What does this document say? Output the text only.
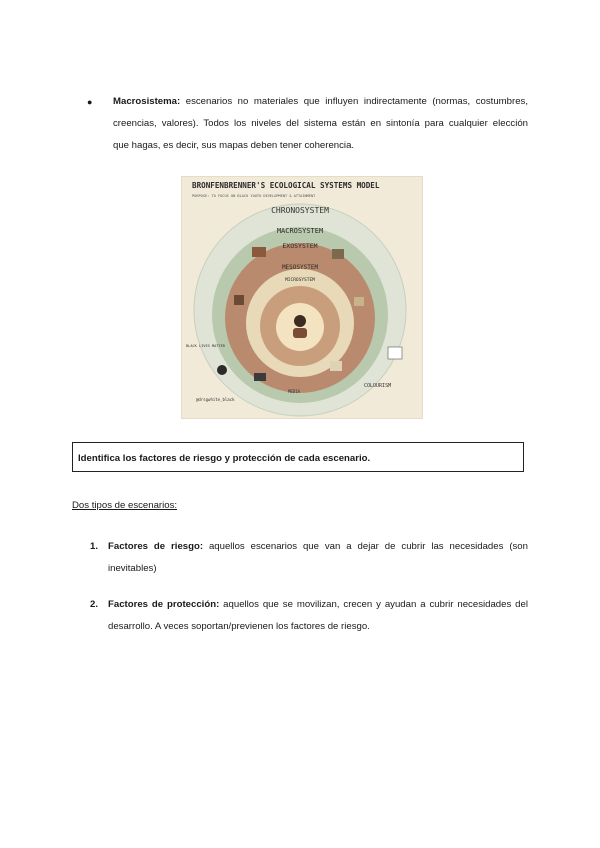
● Macrosistema: escenarios no materiales que influyen indirectamente (normas, costumbres,
creencias, valores). Todos los niveles del sistema están en sintonía para cualquier elección
que hagas, es decir, sus mapas deben tener coherencia.
BRONFENBRENNER'S ECOLOGICAL SYSTEMS MODEL
PURPOSE: TO FOCUS ON BLACK YOUTH DEVELOPMENT & ATTAINMENT
CHRONOSYSTEM
MACROSYSTEM
EXOSYSTEM
MESOSYSTEM
MICROSYSTEM
BLACK LIVES MATTER
COLOURISM
MEDIA
@drsgwhite_black
Identifica los factores de riesgo y protección de cada escenario.
Dos tipos de escenarios:
1. Factores de riesgo: aquellos escenarios que van a dejar de cubrir las necesidades (son
inevitables)
2. Factores de protección: aquellos que se movilizan, crecen y ayudan a cubrir necesidades del
desarrollo. A veces soportan/previenen los factores de riesgo.
